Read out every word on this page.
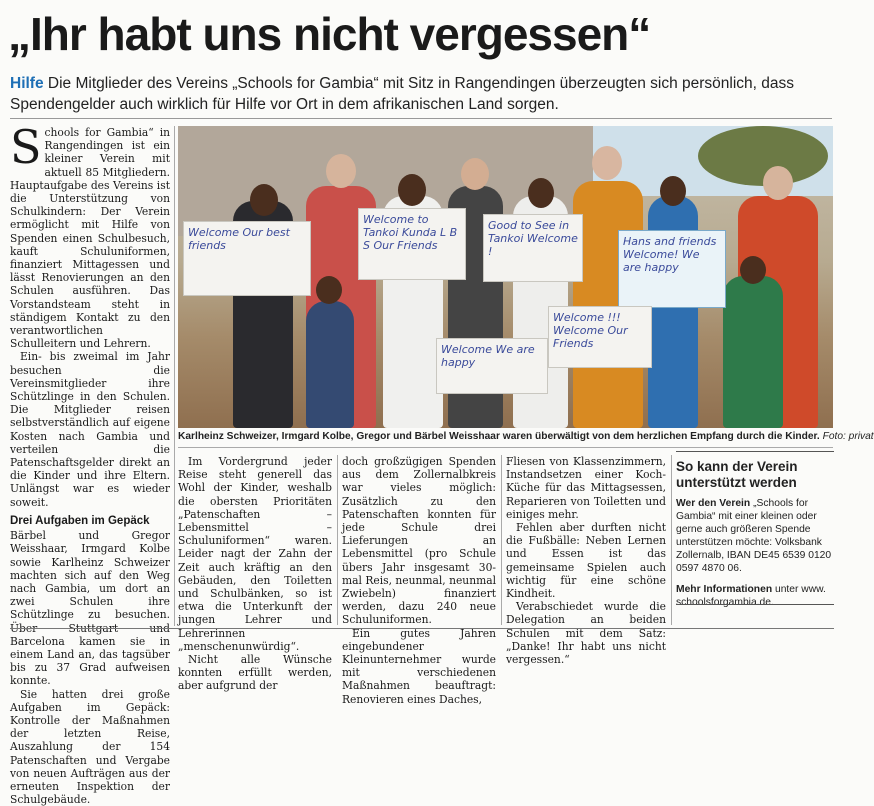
„Ihr habt uns nicht vergessen“
Hilfe Die Mitglieder des Vereins „Schools for Gambia“ mit Sitz in Rangendingen überzeugten sich persönlich, dass Spendengelder auch wirklich für Hilfe vor Ort in dem afrikanischen Land sorgen.

Schools for Gambia“ in Rangendingen ist ein kleiner Verein mit aktuell 85 Mitgliedern. Hauptaufgabe des Vereins ist die Unterstützung von Schulkindern: Der Verein ermöglicht mit Hilfe von Spenden einen Schulbesuch, kauft Schuluniformen, finanziert Mittagessen und lässt Renovierungen an den Schulen ausführen. Das Vorstandsteam steht in ständigem Kontakt zu den verantwortlichen Schulleitern und Lehrern.

Ein- bis zweimal im Jahr besuchen die Vereinsmitglieder ihre Schützlinge in den Schulen. Die Mitglieder reisen selbstverständlich auf eigene Kosten nach Gambia und verteilen die Patenschaftsgelder direkt an die Kinder und ihre Eltern. Unlängst war es wieder soweit.

Drei Aufgaben im Gepäck

Bärbel und Gregor Weisshaar, Irmgard Kolbe sowie Karlheinz Schweizer machten sich auf den Weg nach Gambia, um dort an zwei Schulen ihre Schützlinge zu besuchen. Über Stuttgart und Barcelona kamen sie in einem Land an, das tagsüber bis zu 37 Grad aufweisen konnte.

Sie hatten drei große Aufgaben im Gepäck: Kontrolle der Maßnahmen der letzten Reise, Auszahlung der 154 Patenschaften und Vergabe von neuen Aufträgen aus der erneuten Inspektion der Schulgebäude.

Welcome Our best friends
Welcome to Tankoi Kunda L B S Our Friends
Good to See in Tankoi Welcome !
Hans and friends Welcome! We are happy
Welcome !!! Welcome Our Friends
Welcome We are happy
Karlheinz Schweizer, Irmgard Kolbe, Gregor und Bärbel Weisshaar waren überwältigt von dem herzlichen Empfang durch die Kinder. Foto: privat

Im Vordergrund jeder Reise steht generell das Wohl der Kinder, weshalb die obersten Prioritäten „Patenschaften – Lebensmittel – Schuluniformen“ waren. Leider nagt der Zahn der Zeit auch kräftig an den Gebäuden, den Toiletten und Schulbänken, so ist etwa die Unterkunft der jungen Lehrer und Lehrerinnen „menschenunwürdig“.

Nicht alle Wünsche konnten erfüllt werden, aber aufgrund der

doch großzügigen Spenden aus dem Zollernalbkreis war vieles möglich: Zusätzlich zu den Patenschaften konnten für jede Schule drei Lieferungen an Lebensmittel (pro Schule übers Jahr insgesamt 30-mal Reis, neunmal, neunmal Zwiebeln) finanziert werden, dazu 240 neue Schuluniformen.

Ein gutes Jahren eingebundener Kleinunternehmer wurde mit verschiedenen Maßnahmen beauftragt: Renovieren eines Daches,

Fliesen von Klassenzimmern, Instandsetzen einer Koch-Küche für das Mittagsessen, Reparieren von Toiletten und einiges mehr.

Fehlen aber durften nicht die Fußbälle: Neben Lernen und Essen ist das gemeinsame Spielen auch wichtig für eine schöne Kindheit.

Verabschiedet wurde die Delegation an beiden Schulen mit dem Satz: „Danke! Ihr habt uns nicht vergessen.“

So kann der Verein unterstützt werden

Wer den Verein „Schools for Gambia“ mit einer kleinen oder gerne auch größeren Spende unterstützen möchte: Volksbank Zollernalb, IBAN DE45 6539 0120 0597 4870 06.

Mehr Informationen unter www. schoolsforgambia.de.
